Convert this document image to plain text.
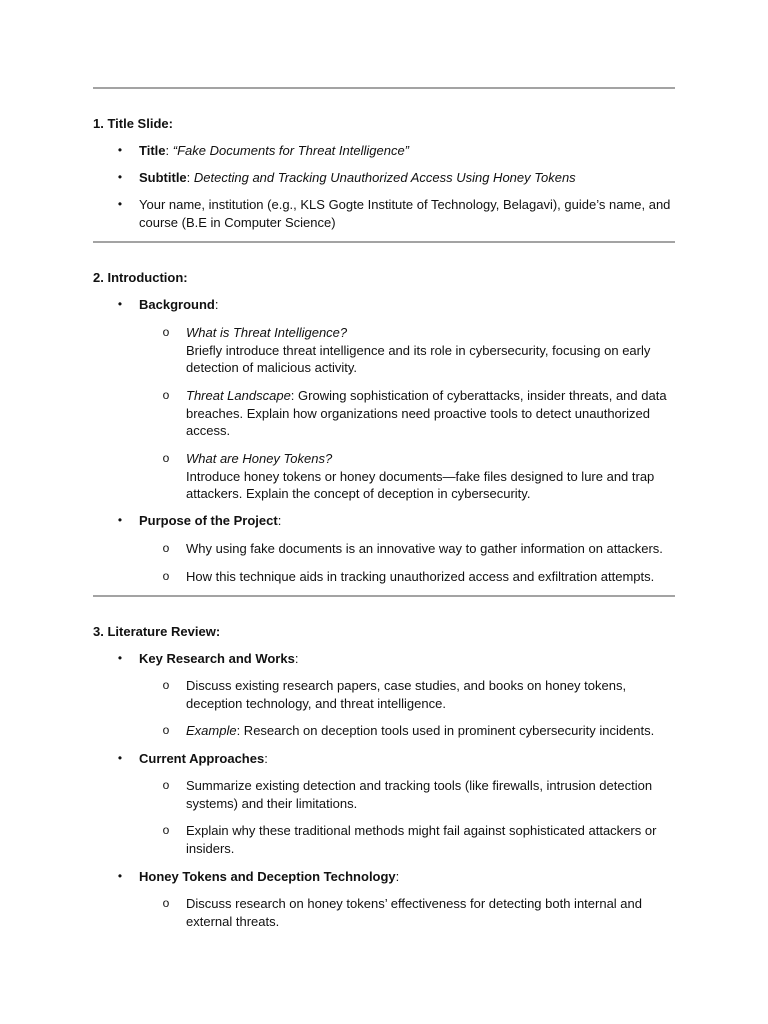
1. Title Slide:
•	Title: “Fake Documents for Threat Intelligence”
•	Subtitle: Detecting and Tracking Unauthorized Access Using Honey Tokens
•	Your name, institution (e.g., KLS Gogte Institute of Technology, Belagavi), guide’s name, and course (B.E in Computer Science)
2. Introduction:
•	Background:
o What is Threat Intelligence?
Briefly introduce threat intelligence and its role in cybersecurity, focusing on early detection of malicious activity.
o Threat Landscape: Growing sophistication of cyberattacks, insider threats, and data breaches. Explain how organizations need proactive tools to detect unauthorized access.
o What are Honey Tokens?
Introduce honey tokens or honey documents—fake files designed to lure and trap attackers. Explain the concept of deception in cybersecurity.
•	Purpose of the Project:
o Why using fake documents is an innovative way to gather information on attackers.
o How this technique aids in tracking unauthorized access and exfiltration attempts.
3. Literature Review:
•	Key Research and Works:
o Discuss existing research papers, case studies, and books on honey tokens, deception technology, and threat intelligence.
o Example: Research on deception tools used in prominent cybersecurity incidents.
•	Current Approaches:
o Summarize existing detection and tracking tools (like firewalls, intrusion detection systems) and their limitations.
o Explain why these traditional methods might fail against sophisticated attackers or insiders.
•	Honey Tokens and Deception Technology:
o Discuss research on honey tokens’ effectiveness for detecting both internal and external threats.
